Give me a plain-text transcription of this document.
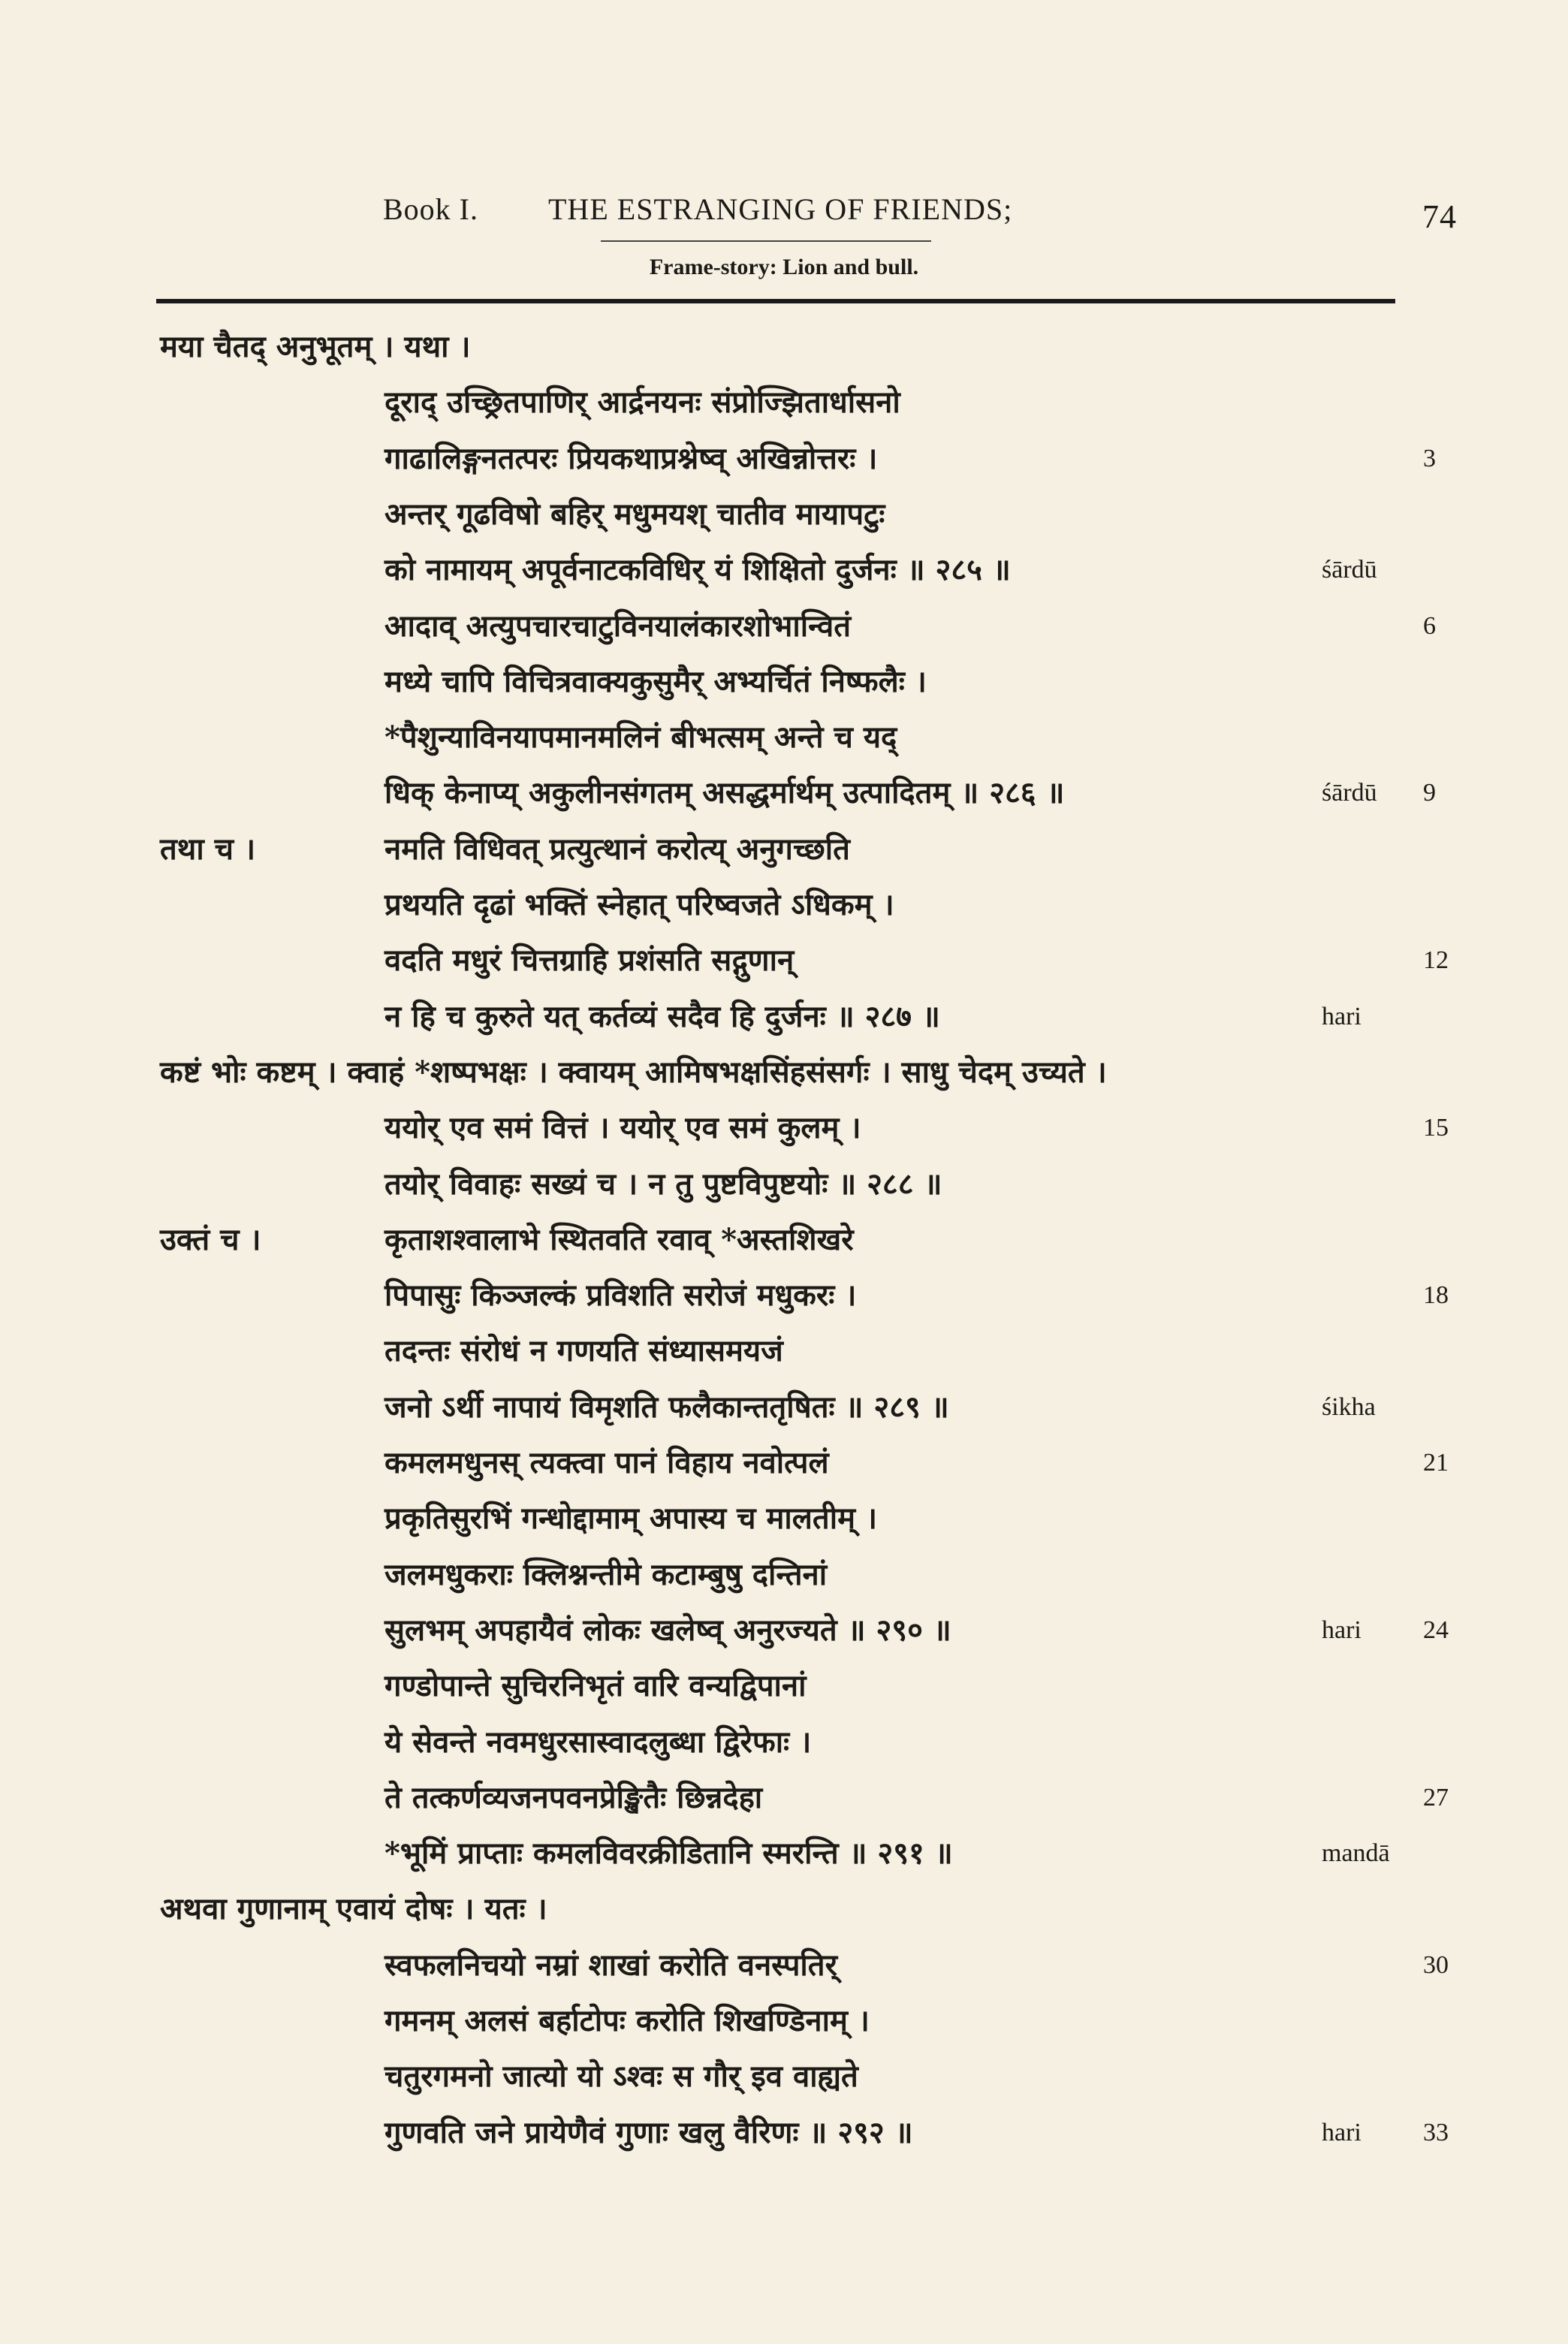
Book I. THE ESTRANGING OF FRIENDS;	74
Frame-story: Lion and bull.
मया चैतद् अनुभूतम् । यथा ।
दूराद् उच्छ्रितपाणिर् आर्द्रनयनः संप्रोज्झितार्धासनो
गाढालिङ्गनतत्परः प्रियकथाप्रश्नेष्व् अखिन्नोत्तरः ।	3
अन्तर् गूढविषो बहिर् मधुमयश् चातीव मायापटुः
को नामायम् अपूर्वनाटकविधिर् यं शिक्षितो दुर्जनः ॥ २८५ ॥	śārdū
आदाव् अत्युपचारचाटुविनयालंकारशोभान्वितं	6
मध्ये चापि विचित्रवाक्यकुसुमैर् अभ्यर्चितं निष्फलैः ।
*पैशुन्याविनयापमानमलिनं बीभत्सम् अन्ते च यद्
धिक् केनाप्य् अकुलीनसंगतम् असद्धर्मार्थम् उत्पादितम् ॥ २८६ ॥	śārdū 9
तथा च ।	नमति विधिवत् प्रत्युत्थानं करोत्य् अनुगच्छति
प्रथयति दृढां भक्तिं स्नेहात् परिष्वजते ऽधिकम् ।
वदति मधुरं चित्तग्राहि प्रशंसति सद्गुणान्	12
न हि च कुरुते यत् कर्तव्यं सदैव हि दुर्जनः ॥ २८७ ॥	hari
कष्टं भोः कष्टम् । क्वाहं *शष्पभक्षः । क्वायम् आमिषभक्षसिंहसंसर्गः । साधु चेदम् उच्यते ।
ययोर् एव समं वित्तं । ययोर् एव समं कुलम् ।	15
तयोर् विवाहः सख्यं च । न तु पुष्टविपुष्टयोः ॥ २८८ ॥
उक्तं च ।	कृताशश्वालाभे स्थितवति रवाव् *अस्तशिखरे
पिपासुः किञ्जल्कं प्रविशति सरोजं मधुकरः ।	18
तदन्तः संरोधं न गणयति संध्यासमयजं
जनो ऽर्थी नापायं विमृशति फलैकान्ततृषितः ॥ २८९ ॥	śikha
कमलमधुनस् त्यक्त्वा पानं विहाय नवोत्पलं	21
प्रकृतिसुरभिं गन्धोद्दामाम् अपास्य च मालतीम् ।
जलमधुकराः क्लिश्नन्तीमे कटाम्बुषु दन्तिनां
सुलभम् अपहायैवं लोकः खलेष्व् अनुरज्यते ॥ २९० ॥	hari 24
गण्डोपान्ते सुचिरनिभृतं वारि वन्यद्विपानां
ये सेवन्ते नवमधुरसास्वादलुब्धा द्विरेफाः ।
ते तत्कर्णव्यजनपवनप्रेङ्खितैः छिन्नदेहा	27
*भूमिं प्राप्ताः कमलविवरक्रीडितानि स्मरन्ति ॥ २९१ ॥	mandā
अथवा गुणानाम् एवायं दोषः । यतः ।
स्वफलनिचयो नम्रां शाखां करोति वनस्पतिर्	30
गमनम् अलसं बर्हाटोपः करोति शिखण्डिनाम् ।
चतुरगमनो जात्यो यो ऽश्वः स गौर् इव वाह्यते
गुणवति जने प्रायेणैवं गुणाः खलु वैरिणः ॥ २९२ ॥	hari 33
